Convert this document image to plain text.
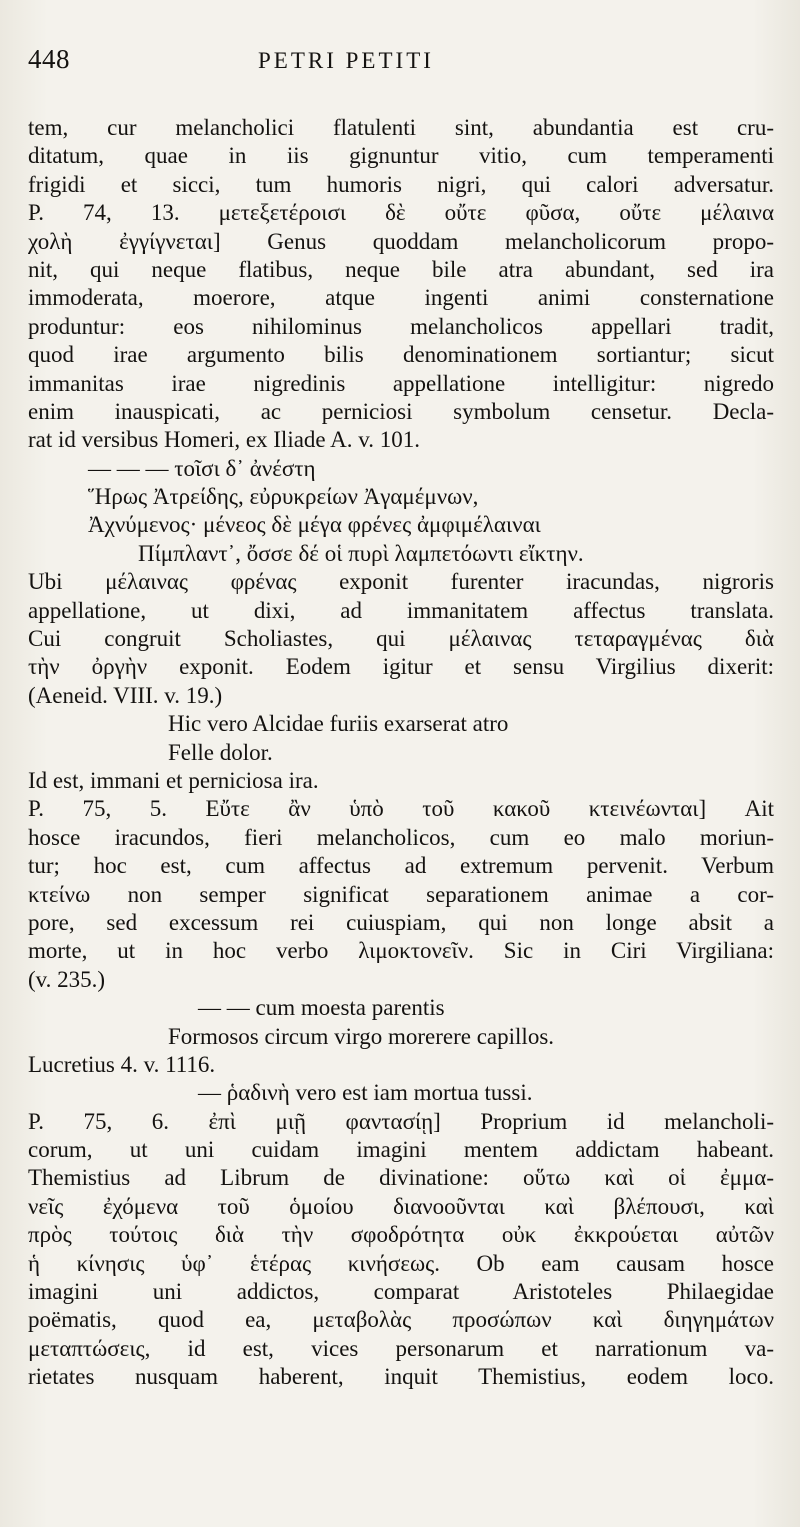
448	PETRI PETITI
tem, cur melancholici flatulenti sint, abundantia est cru-
ditatum, quae in iis gignuntur vitio, cum temperamenti
frigidi et sicci, tum humoris nigri, qui calori adversatur.
P. 74, 13. μετεξετέροισι δὲ οὔτε φῦσα, οὔτε μέλαινα
χολὴ ἐγγίγνεται] Genus quoddam melancholicorum propo-
nit, qui neque flatibus, neque bile atra abundant, sed ira
immoderata, moerore, atque ingenti animi consternatione
produntur: eos nihilominus melancholicos appellari tradit,
quod irae argumento bilis denominationem sortiantur; sicut
immanitas irae nigredinis appellatione intelligitur: nigredo
enim inauspicati, ac perniciosi symbolum censetur. Decla-
rat id versibus Homeri, ex Iliade A. v. 101.
— — — τοῖσι δ᾽ ἀνέστη
Ἥρως Ἀτρείδης, εὐρυκρείων Ἀγαμέμνων,
Ἀχνύμενος· μένεος δὲ μέγα φρένες ἀμφιμέλαιναι
Πίμπλαντ᾽, ὄσσε δέ οἱ πυρὶ λαμπετόωντι εἴκτην.
Ubi μέλαινας φρένας exponit furenter iracundas, nigroris
appellatione, ut dixi, ad immanitatem affectus translata.
Cui congruit Scholiastes, qui μέλαινας τεταραγμένας διὰ
τὴν ὀργὴν exponit. Eodem igitur et sensu Virgilius dixerit:
(Aeneid. VIII. v. 19.)
Hic vero Alcidae furiis exarserat atro
Felle dolor.
Id est, immani et perniciosa ira.
P. 75, 5. Εὔτε ἂν ὑπὸ τοῦ κακοῦ κτεινέωνται] Ait
hosce iracundos, fieri melancholicos, cum eo malo moriun-
tur; hoc est, cum affectus ad extremum pervenit. Verbum
κτείνω non semper significat separationem animae a cor-
pore, sed excessum rei cuiuspiam, qui non longe absit a
morte, ut in hoc verbo λιμοκτονεῖν. Sic in Ciri Virgiliana:
(v. 235.)
— — cum moesta parentis
Formosos circum virgo morerere capillos.
Lucretius 4. v. 1116.
— ῥαδινὴ vero est iam mortua tussi.
P. 75, 6. ἐπὶ μιῇ φαντασίῃ] Proprium id melancholi-
corum, ut uni cuidam imagini mentem addictam habeant.
Themistius ad Librum de divinatione: οὕτω καὶ οἱ ἐμμα-
νεῖς ἐχόμενα τοῦ ὁμοίου διανοοῦνται καὶ βλέπουσι, καὶ
πρὸς τούτοις διὰ τὴν σφοδρότητα οὐκ ἐκκρούεται αὐτῶν
ἡ κίνησις ὑφ᾽ ἑτέρας κινήσεως. Ob eam causam hosce
imagini uni addictos, comparat Aristoteles Philaegidae
poëmatis, quod ea, μεταβολὰς προσώπων καὶ διηγημάτων
μεταπτώσεις, id est, vices personarum et narrationum va-
rietates nusquam haberent, inquit Themistius, eodem loco.
